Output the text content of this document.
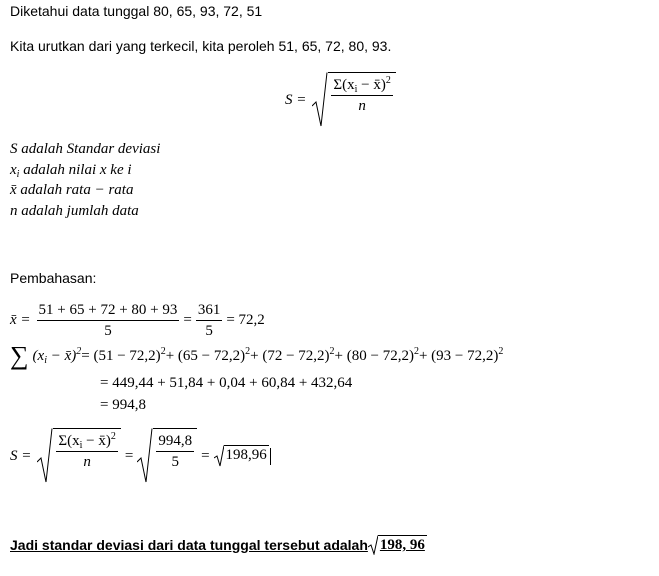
Diketahui data tunggal 80, 65, 93, 72, 51
Kita urutkan dari yang terkecil, kita peroleh 51, 65, 72, 80, 93.
$S = \frac{\Sigma(x_i - x̄)^2}{n}$
S adalah Standar deviasi
$x_i$ adalah nilai x ke i
x̄ adalah rata − rata
n adalah jumlah data
Pembahasan:
x̄ = $\frac{51 + 65 + 72 + 80 + 93}{5} = \frac{361}{5} = 72,2$
∑ ($x_i$ − x̄)$^2$ = $(51 - 72,2)^2 + (65 - 72,2)^2 + (72 - 72,2)^2 + (80 - 72,2)^2 + (93 - 72,2)^2$
= 449,44 + 51,84 + 0,04 + 60,84 + 432,64
= 994,8
$S = \frac{\Sigma(x_i - x̄)^2}{n} = \frac{994,8}{5} = 198,96$
Jadi standar deviasi dari data tunggal tersebut adalah 198, 96
